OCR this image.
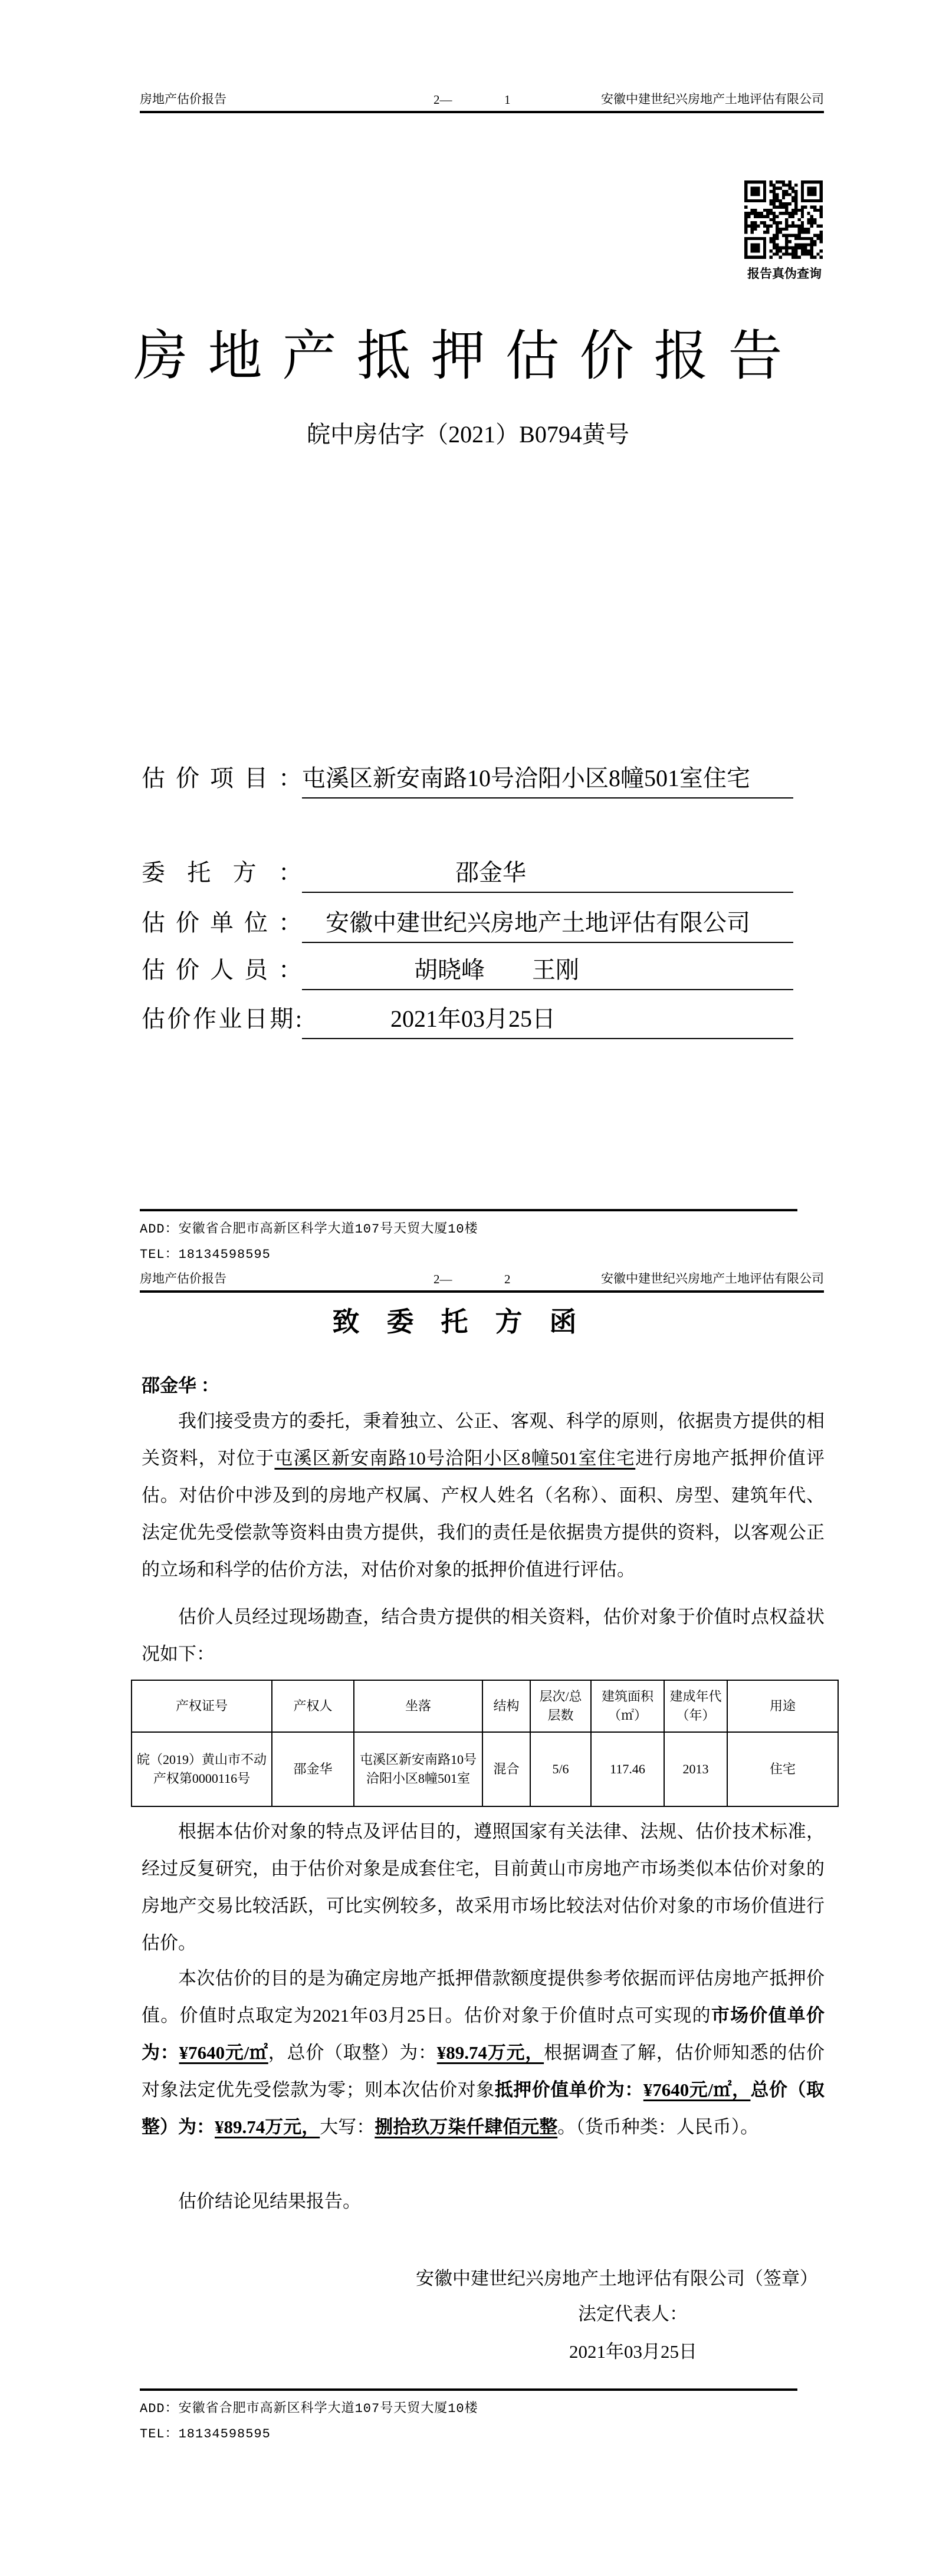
房地产估价报告	2—	1	安徽中建世纪兴房地产土地评估有限公司
报告真伪查询
房地产抵押估价报告
皖中房估字（2021）B0794黄号
估价项目： 屯溪区新安南路10号洽阳小区8幢501室住宅
委托方：	邵金华
估价单位：	安徽中建世纪兴房地产土地评估有限公司
估价人员：	胡晓峰　　王刚
估价作业日期:	2021年03月25日
ADD：安徽省合肥市高新区科学大道107号天贸大厦10楼
TEL：18134598595
房地产估价报告	2—	2	安徽中建世纪兴房地产土地评估有限公司
致委托方函
邵金华 ：
我们接受贵方的委托，秉着独立、公正、客观、科学的原则，依据贵方提供的相关资料，对位于屯溪区新安南路10号洽阳小区8幢501室住宅进行房地产抵押价值评估。对估价中涉及到的房地产权属、产权人姓名（名称）、面积、房型、建筑年代、法定优先受偿款等资料由贵方提供，我们的责任是依据贵方提供的资料，以客观公正的立场和科学的估价方法，对估价对象的抵押价值进行评估。
估价人员经过现场勘查，结合贵方提供的相关资料，估价对象于价值时点权益状况如下：
产权证号	产权人	坐落	结构	层次/总层数	建筑面积（㎡）	建成年代（年）	用途
皖（2019）黄山市不动产权第0000116号	邵金华	屯溪区新安南路10号洽阳小区8幢501室	混合	5/6	117.46	2013	住宅
根据本估价对象的特点及评估目的，遵照国家有关法律、法规、估价技术标准，经过反复研究，由于估价对象是成套住宅，目前黄山市房地产市场类似本估价对象的房地产交易比较活跃，可比实例较多，故采用市场比较法对估价对象的市场价值进行估价。
本次估价的目的是为确定房地产抵押借款额度提供参考依据而评估房地产抵押价值。价值时点取定为2021年03月25日。估价对象于价值时点可实现的市场价值单价为：¥7640元/㎡，总价（取整）为：¥89.74万元，根据调查了解，估价师知悉的估价对象法定优先受偿款为零；则本次估价对象抵押价值单价为：¥7640元/㎡，总价（取整）为：¥89.74万元，大写：捌拾玖万柒仟肆佰元整。（货币种类：人民币）。
估价结论见结果报告。
安徽中建世纪兴房地产土地评估有限公司（签章）
法定代表人：
2021年03月25日
ADD：安徽省合肥市高新区科学大道107号天贸大厦10楼
TEL：18134598595
